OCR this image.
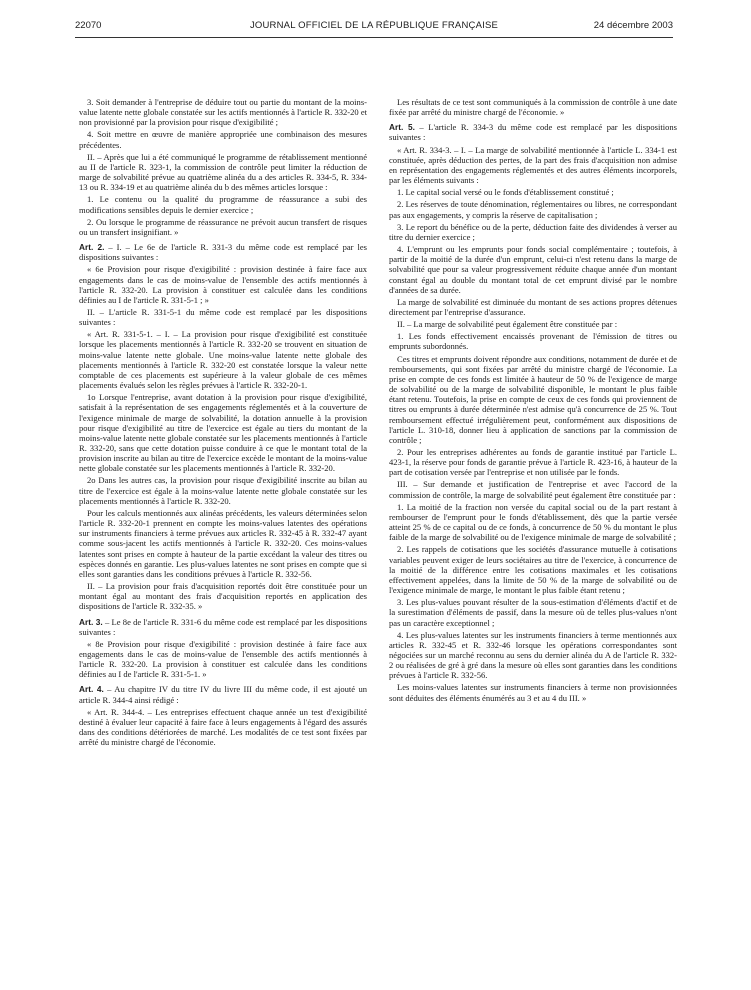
22070	JOURNAL OFFICIEL DE LA RÉPUBLIQUE FRANÇAISE	24 décembre 2003

3. Soit demander à l'entreprise de déduire tout ou partie du montant de la moins-value latente nette globale constatée sur les actifs mentionnés à l'article R. 332-20 et non provisionné par la provision pour risque d'exigibilité ;

4. Soit mettre en œuvre de manière appropriée une combinaison des mesures précédentes.

II. – Après que lui a été communiqué le programme de rétablissement mentionné au II de l'article R. 323-1, la commission de contrôle peut limiter la réduction de marge de solvabilité prévue au quatrième alinéa du a des articles R. 334-5, R. 334-13 ou R. 334-19 et au quatrième alinéa du b des mêmes articles lorsque :

1. Le contenu ou la qualité du programme de réassurance a subi des modifications sensibles depuis le dernier exercice ;

2. Ou lorsque le programme de réassurance ne prévoit aucun transfert de risques ou un transfert insignifiant. »

Art. 2. – I. – Le 6e de l'article R. 331-3 du même code est remplacé par les dispositions suivantes :

« 6e Provision pour risque d'exigibilité : provision destinée à faire face aux engagements dans le cas de moins-value de l'ensemble des actifs mentionnés à l'article R. 332-20. La provision à constituer est calculée dans les conditions définies au I de l'article R. 331-5-1 ; »

II. – L'article R. 331-5-1 du même code est remplacé par les dispositions suivantes :

« Art. R. 331-5-1. – I. – La provision pour risque d'exigibilité est constituée lorsque les placements mentionnés à l'article R. 332-20 se trouvent en situation de moins-value latente nette globale. Une moins-value latente nette globale des placements mentionnés à l'article R. 332-20 est constatée lorsque la valeur nette comptable de ces placements est supérieure à la valeur globale de ces mêmes placements évalués selon les règles prévues à l'article R. 332-20-1.

1o Lorsque l'entreprise, avant dotation à la provision pour risque d'exigibilité, satisfait à la représentation de ses engagements réglementés et à la couverture de l'exigence minimale de marge de solvabilité, la dotation annuelle à la provision pour risque d'exigibilité au titre de l'exercice est égale au tiers du montant de la moins-value latente nette globale constatée sur les placements mentionnés à l'article R. 332-20, sans que cette dotation puisse conduire à ce que le montant total de la provision inscrite au bilan au titre de l'exercice excède le montant de la moins-value nette globale constatée sur les placements mentionnés à l'article R. 332-20.

2o Dans les autres cas, la provision pour risque d'exigibilité inscrite au bilan au titre de l'exercice est égale à la moins-value latente nette globale constatée sur les placements mentionnés à l'article R. 332-20.

Pour les calculs mentionnés aux alinéas précédents, les valeurs déterminées selon l'article R. 332-20-1 prennent en compte les moins-values latentes des opérations sur instruments financiers à terme prévues aux articles R. 332-45 à R. 332-47 ayant comme sous-jacent les actifs mentionnés à l'article R. 332-20. Ces moins-values latentes sont prises en compte à hauteur de la partie excédant la valeur des titres ou espèces donnés en garantie. Les plus-values latentes ne sont prises en compte que si elles sont garanties dans les conditions prévues à l'article R. 332-56.

II. – La provision pour frais d'acquisition reportés doit être constituée pour un montant égal au montant des frais d'acquisition reportés en application des dispositions de l'article R. 332-35. »

Art. 3. – Le 8e de l'article R. 331-6 du même code est remplacé par les dispositions suivantes :

« 8e Provision pour risque d'exigibilité : provision destinée à faire face aux engagements dans le cas de moins-value de l'ensemble des actifs mentionnés à l'article R. 332-20. La provision à constituer est calculée dans les conditions définies au I de l'article R. 331-5-1. »

Art. 4. – Au chapitre IV du titre IV du livre III du même code, il est ajouté un article R. 344-4 ainsi rédigé :

« Art. R. 344-4. – Les entreprises effectuent chaque année un test d'exigibilité destiné à évaluer leur capacité à faire face à leurs engagements à l'égard des assurés dans des conditions détériorées de marché. Les modalités de ce test sont fixées par arrêté du ministre chargé de l'économie.

Les résultats de ce test sont communiqués à la commission de contrôle à une date fixée par arrêté du ministre chargé de l'économie. »

Art. 5. – L'article R. 334-3 du même code est remplacé par les dispositions suivantes :

« Art. R. 334-3. – I. – La marge de solvabilité mentionnée à l'article L. 334-1 est constituée, après déduction des pertes, de la part des frais d'acquisition non admise en représentation des engagements réglementés et des autres éléments incorporels, par les éléments suivants :

1. Le capital social versé ou le fonds d'établissement constitué ;

2. Les réserves de toute dénomination, réglementaires ou libres, ne correspondant pas aux engagements, y compris la réserve de capitalisation ;

3. Le report du bénéfice ou de la perte, déduction faite des dividendes à verser au titre du dernier exercice ;

4. L'emprunt ou les emprunts pour fonds social complémentaire ; toutefois, à partir de la moitié de la durée d'un emprunt, celui-ci n'est retenu dans la marge de solvabilité que pour sa valeur progressivement réduite chaque année d'un montant constant égal au double du montant total de cet emprunt divisé par le nombre d'années de sa durée.

La marge de solvabilité est diminuée du montant de ses actions propres détenues directement par l'entreprise d'assurance.

II. – La marge de solvabilité peut également être constituée par :

1. Les fonds effectivement encaissés provenant de l'émission de titres ou emprunts subordonnés.

Ces titres et emprunts doivent répondre aux conditions, notamment de durée et de remboursements, qui sont fixées par arrêté du ministre chargé de l'économie. La prise en compte de ces fonds est limitée à hauteur de 50 % de l'exigence de marge de solvabilité ou de la marge de solvabilité disponible, le montant le plus faible étant retenu. Toutefois, la prise en compte de ceux de ces fonds qui proviennent de titres ou emprunts à durée déterminée n'est admise qu'à concurrence de 25 %. Tout remboursement effectué irrégulièrement peut, conformément aux dispositions de l'article L. 310-18, donner lieu à application de sanctions par la commission de contrôle ;

2. Pour les entreprises adhérentes au fonds de garantie institué par l'article L. 423-1, la réserve pour fonds de garantie prévue à l'article R. 423-16, à hauteur de la part de cotisation versée par l'entreprise et non utilisée par le fonds.

III. – Sur demande et justification de l'entreprise et avec l'accord de la commission de contrôle, la marge de solvabilité peut également être constituée par :

1. La moitié de la fraction non versée du capital social ou de la part restant à rembourser de l'emprunt pour le fonds d'établissement, dès que la partie versée atteint 25 % de ce capital ou de ce fonds, à concurrence de 50 % du montant le plus faible de la marge de solvabilité ou de l'exigence minimale de marge de solvabilité ;

2. Les rappels de cotisations que les sociétés d'assurance mutuelle à cotisations variables peuvent exiger de leurs sociétaires au titre de l'exercice, à concurrence de la moitié de la différence entre les cotisations maximales et les cotisations effectivement appelées, dans la limite de 50 % de la marge de solvabilité ou de l'exigence minimale de marge, le montant le plus faible étant retenu ;

3. Les plus-values pouvant résulter de la sous-estimation d'éléments d'actif et de la surestimation d'éléments de passif, dans la mesure où de telles plus-values n'ont pas un caractère exceptionnel ;

4. Les plus-values latentes sur les instruments financiers à terme mentionnés aux articles R. 332-45 et R. 332-46 lorsque les opérations correspondantes sont négociées sur un marché reconnu au sens du dernier alinéa du A de l'article R. 332-2 ou réalisées de gré à gré dans la mesure où elles sont garanties dans les conditions prévues à l'article R. 332-56.

Les moins-values latentes sur instruments financiers à terme non provisionnées sont déduites des éléments énumérés au 3 et au 4 du III. »
